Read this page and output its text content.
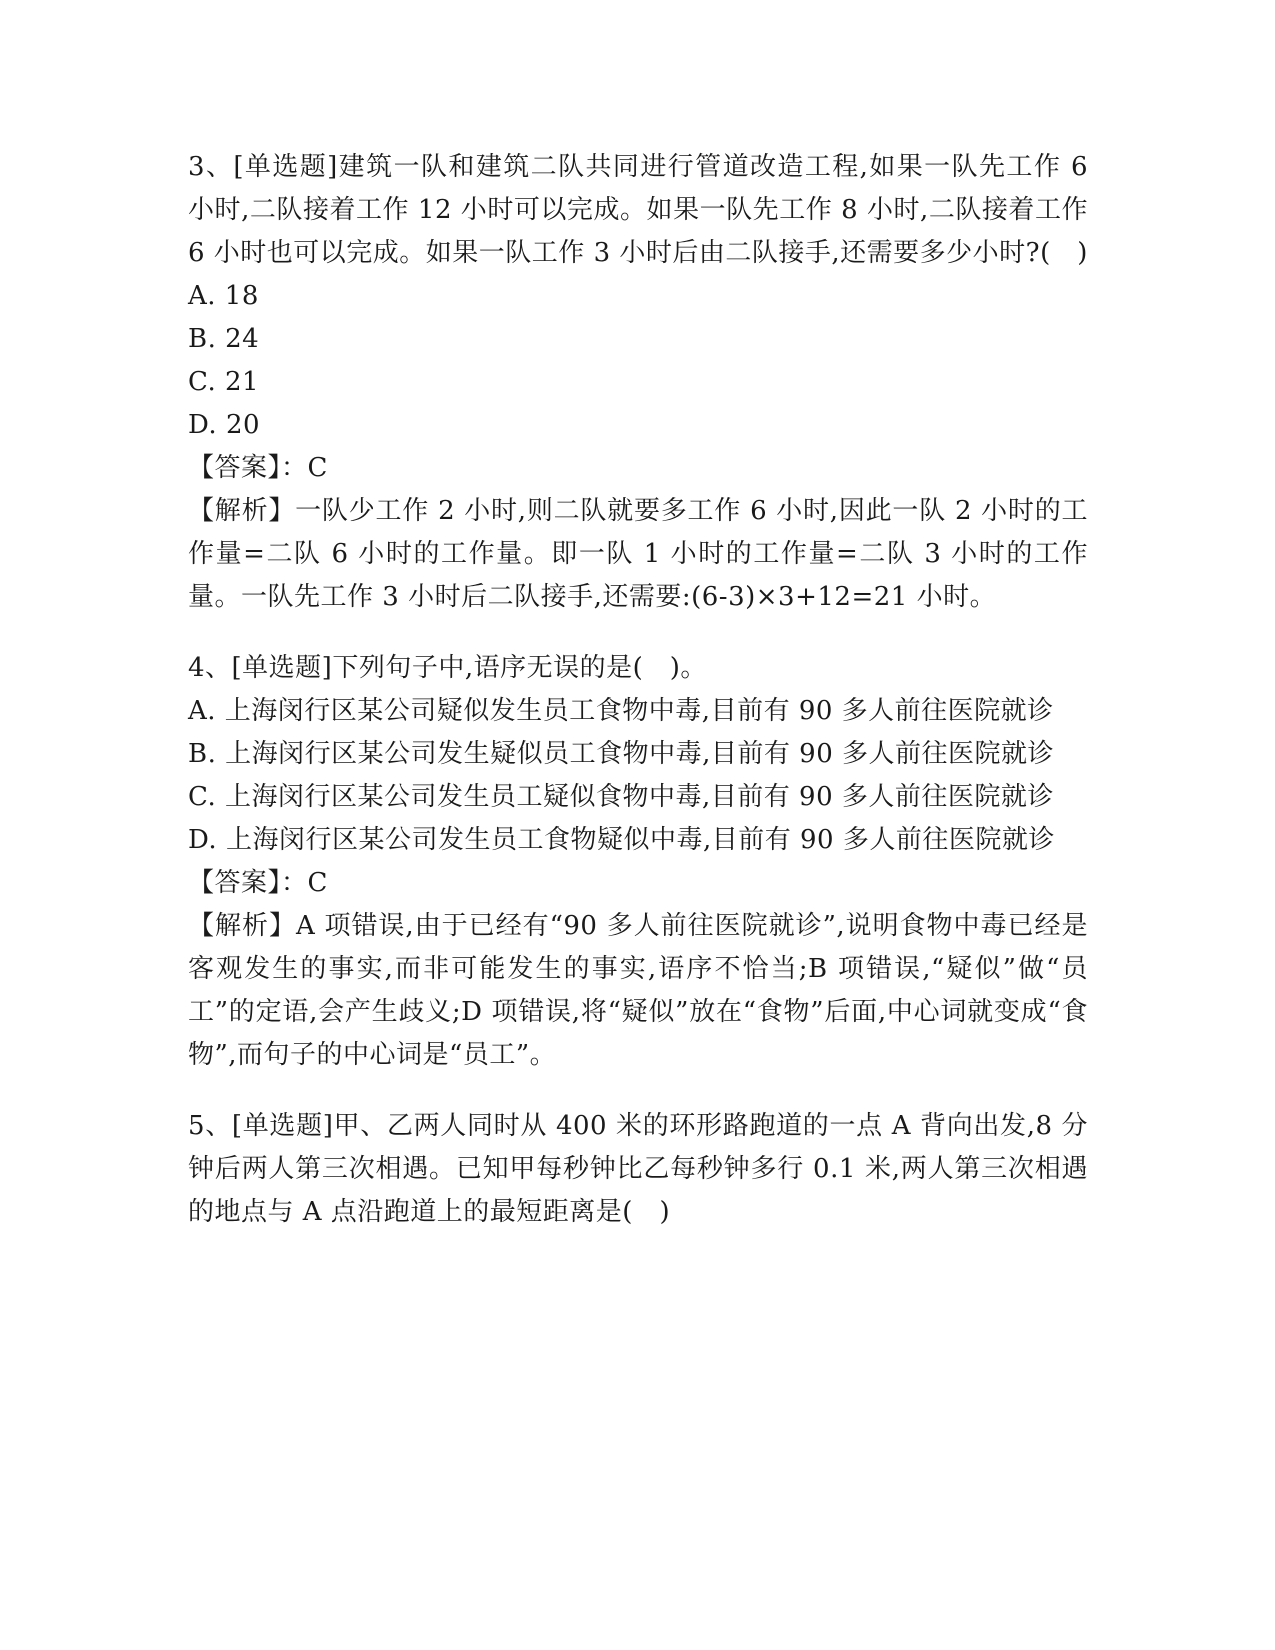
3、[单选题]建筑一队和建筑二队共同进行管道改造工程,如果一队先工作 6 小时,二队接着工作 12 小时可以完成。如果一队先工作 8 小时,二队接着工作 6 小时也可以完成。如果一队工作 3 小时后由二队接手,还需要多少小时?(　)

A. 18

B. 24

C. 21

D. 20

【答案】：C

【解析】一队少工作 2 小时,则二队就要多工作 6 小时,因此一队 2 小时的工作量=二队 6 小时的工作量。即一队 1 小时的工作量=二队 3 小时的工作量。一队先工作 3 小时后二队接手,还需要:(6-3)×3+12=21 小时。

4、[单选题]下列句子中,语序无误的是(　)。

A. 上海闵行区某公司疑似发生员工食物中毒,目前有 90 多人前往医院就诊

B. 上海闵行区某公司发生疑似员工食物中毒,目前有 90 多人前往医院就诊

C. 上海闵行区某公司发生员工疑似食物中毒,目前有 90 多人前往医院就诊

D. 上海闵行区某公司发生员工食物疑似中毒,目前有 90 多人前往医院就诊

【答案】：C

【解析】A 项错误,由于已经有“90 多人前往医院就诊”,说明食物中毒已经是客观发生的事实,而非可能发生的事实,语序不恰当;B 项错误,“疑似”做“员工”的定语,会产生歧义;D 项错误,将“疑似”放在“食物”后面,中心词就变成“食物”,而句子的中心词是“员工”。

5、[单选题]甲、乙两人同时从 400 米的环形路跑道的一点 A 背向出发,8 分钟后两人第三次相遇。已知甲每秒钟比乙每秒钟多行 0.1 米,两人第三次相遇的地点与 A 点沿跑道上的最短距离是(　)
